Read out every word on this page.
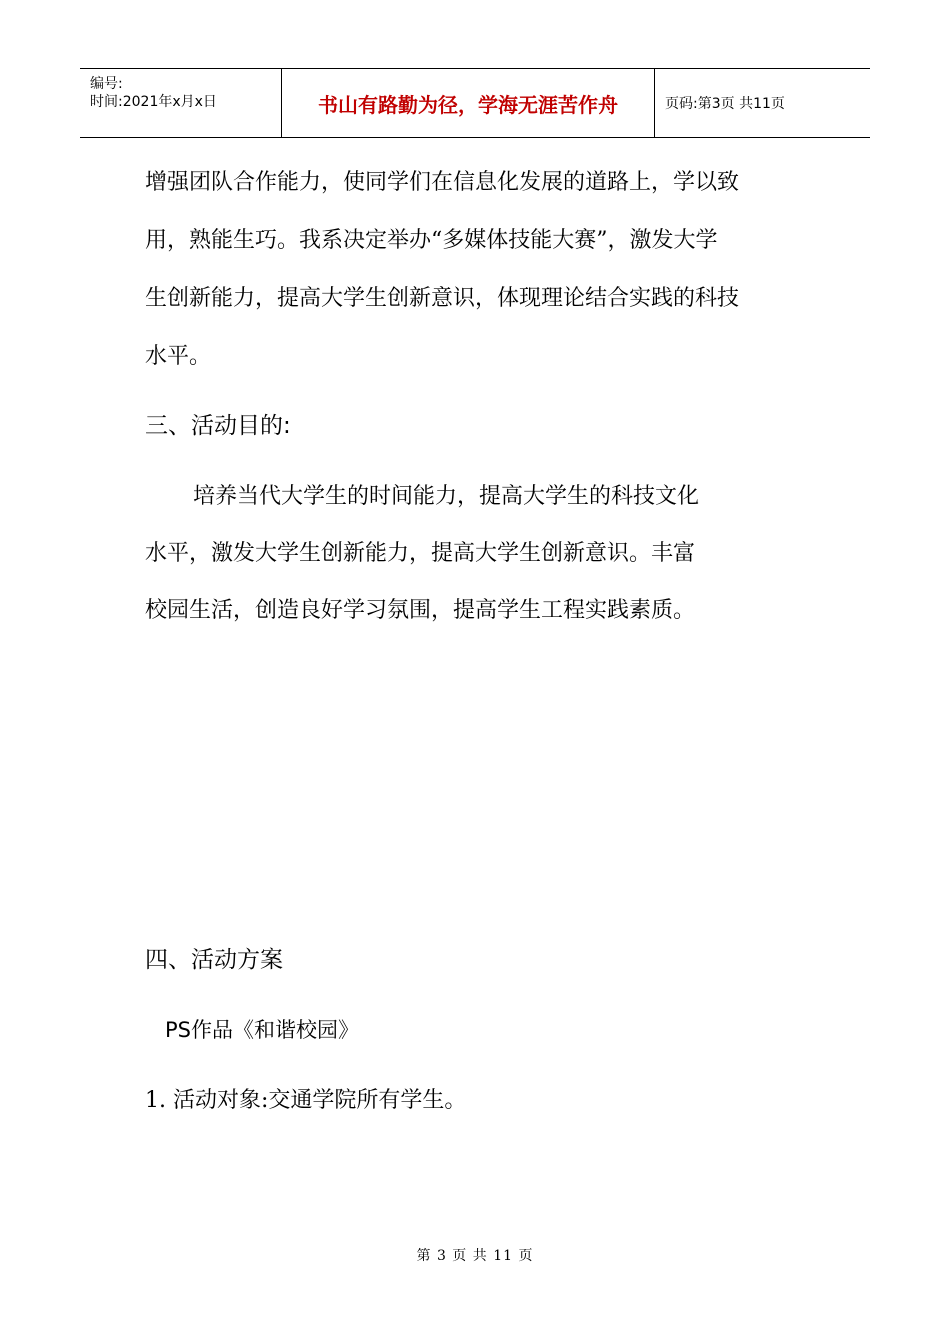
编号:
时间:2021年x月x日	书山有路勤为径，学海无涯苦作舟	页码:第3页 共11页

增强团队合作能力，使同学们在信息化发展的道路上，学以致

用，熟能生巧。我系决定举办“多媒体技能大赛”，激发大学

生创新能力，提高大学生创新意识，体现理论结合实践的科技

水平。

三、活动目的:

培养当代大学生的时间能力，提高大学生的科技文化

水平，激发大学生创新能力，提高大学生创新意识。丰富

校园生活，创造良好学习氛围，提高学生工程实践素质。

四、活动方案

PS作品《和谐校园》

1. 活动对象:交通学院所有学生。

第 3 页 共 11 页
